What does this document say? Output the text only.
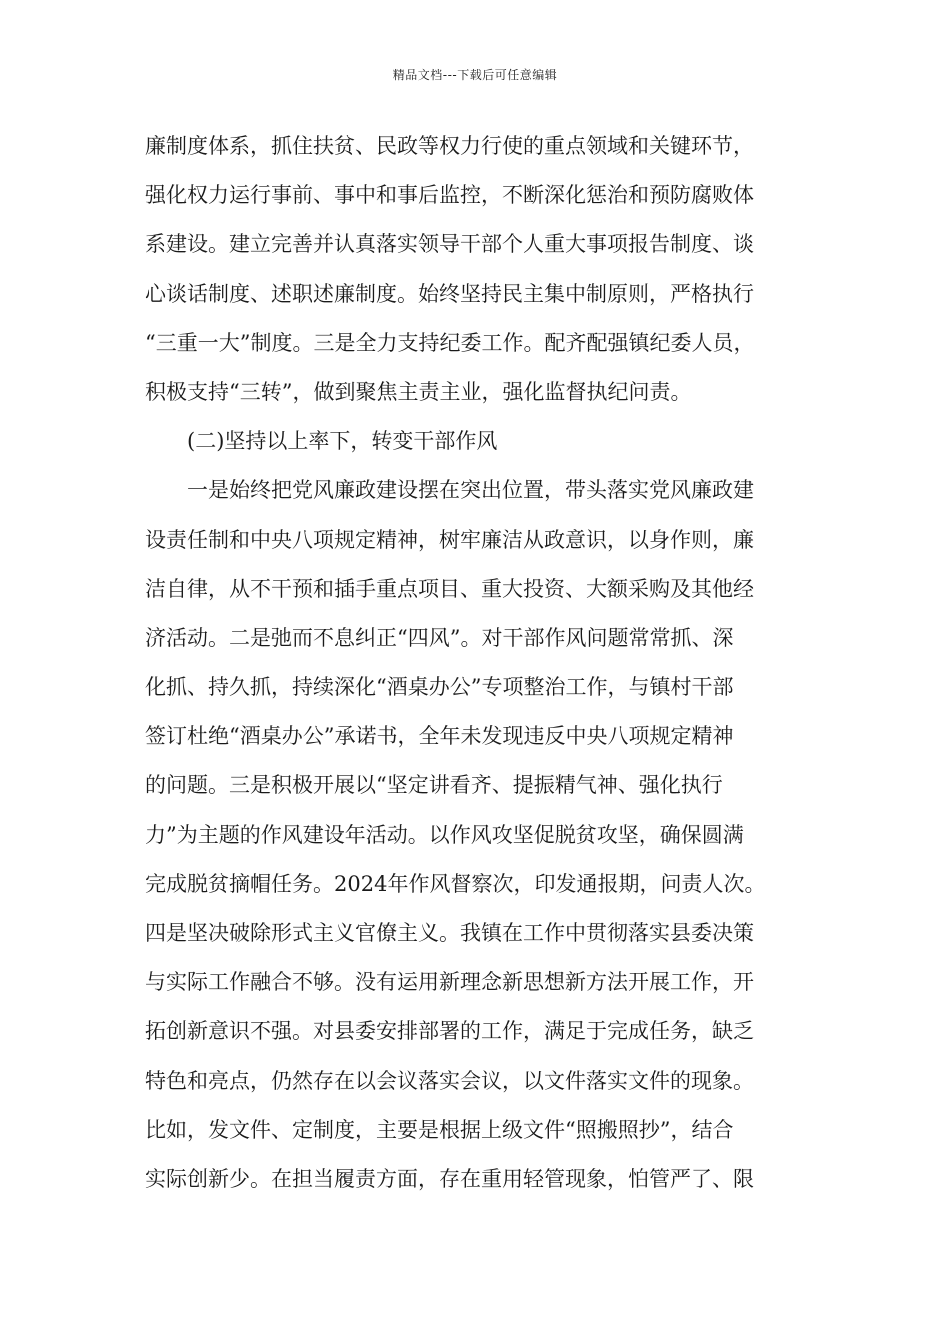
精品文档---下载后可任意编辑
廉制度体系，抓住扶贫、民政等权力行使的重点领域和关键环节，
强化权力运行事前、事中和事后监控，不断深化惩治和预防腐败体
系建设。建立完善并认真落实领导干部个人重大事项报告制度、谈
心谈话制度、述职述廉制度。始终坚持民主集中制原则，严格执行
“三重一大”制度。三是全力支持纪委工作。配齐配强镇纪委人员，
积极支持“三转”，做到聚焦主责主业，强化监督执纪问责。
(二)坚持以上率下，转变干部作风
一是始终把党风廉政建设摆在突出位置，带头落实党风廉政建
设责任制和中央八项规定精神，树牢廉洁从政意识，以身作则，廉
洁自律，从不干预和插手重点项目、重大投资、大额采购及其他经
济活动。二是弛而不息纠正“四风”。对干部作风问题常常抓、深
化抓、持久抓，持续深化“酒桌办公”专项整治工作，与镇村干部
签订杜绝“酒桌办公”承诺书，全年未发现违反中央八项规定精神
的问题。三是积极开展以“坚定讲看齐、提振精气神、强化执行
力”为主题的作风建设年活动。以作风攻坚促脱贫攻坚，确保圆满
完成脱贫摘帽任务。2024年作风督察次，印发通报期，问责人次。
四是坚决破除形式主义官僚主义。我镇在工作中贯彻落实县委决策
与实际工作融合不够。没有运用新理念新思想新方法开展工作，开
拓创新意识不强。对县委安排部署的工作，满足于完成任务，缺乏
特色和亮点，仍然存在以会议落实会议，以文件落实文件的现象。
比如，发文件、定制度，主要是根据上级文件“照搬照抄”，结合
实际创新少。在担当履责方面，存在重用轻管现象，怕管严了、限
